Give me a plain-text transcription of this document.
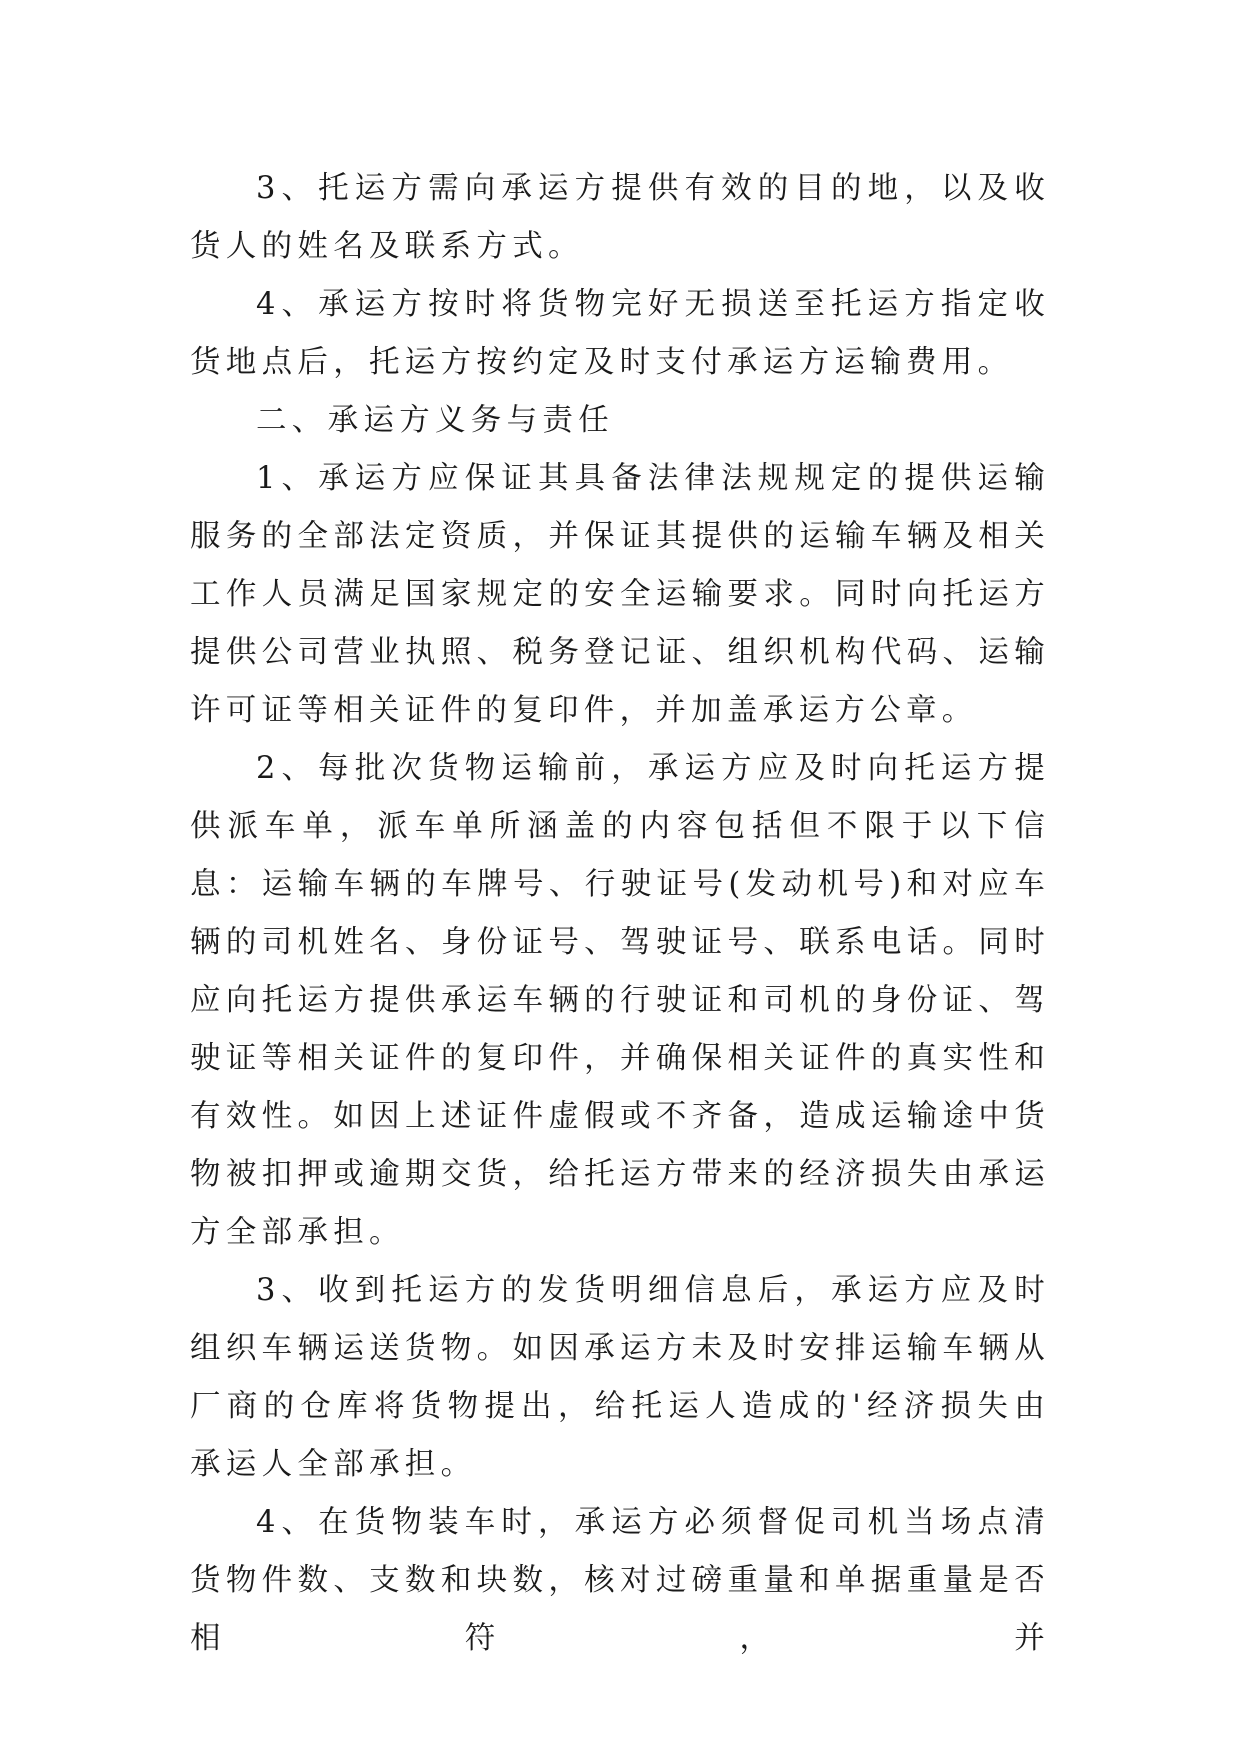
3、托运方需向承运方提供有效的目的地，以及收货人的姓名及联系方式。

4、承运方按时将货物完好无损送至托运方指定收货地点后，托运方按约定及时支付承运方运输费用。

二、承运方义务与责任

1、承运方应保证其具备法律法规规定的提供运输服务的全部法定资质，并保证其提供的运输车辆及相关工作人员满足国家规定的安全运输要求。同时向托运方提供公司营业执照、税务登记证、组织机构代码、运输许可证等相关证件的复印件，并加盖承运方公章。

2、每批次货物运输前，承运方应及时向托运方提供派车单，派车单所涵盖的内容包括但不限于以下信息：运输车辆的车牌号、行驶证号(发动机号)和对应车辆的司机姓名、身份证号、驾驶证号、联系电话。同时应向托运方提供承运车辆的行驶证和司机的身份证、驾驶证等相关证件的复印件，并确保相关证件的真实性和有效性。如因上述证件虚假或不齐备，造成运输途中货物被扣押或逾期交货，给托运方带来的经济损失由承运方全部承担。

3、收到托运方的发货明细信息后，承运方应及时组织车辆运送货物。如因承运方未及时安排运输车辆从厂商的仓库将货物提出，给托运人造成的'经济损失由承运人全部承担。

4、在货物装车时，承运方必须督促司机当场点清货物件数、支数和块数，核对过磅重量和单据重量是否相符，并
